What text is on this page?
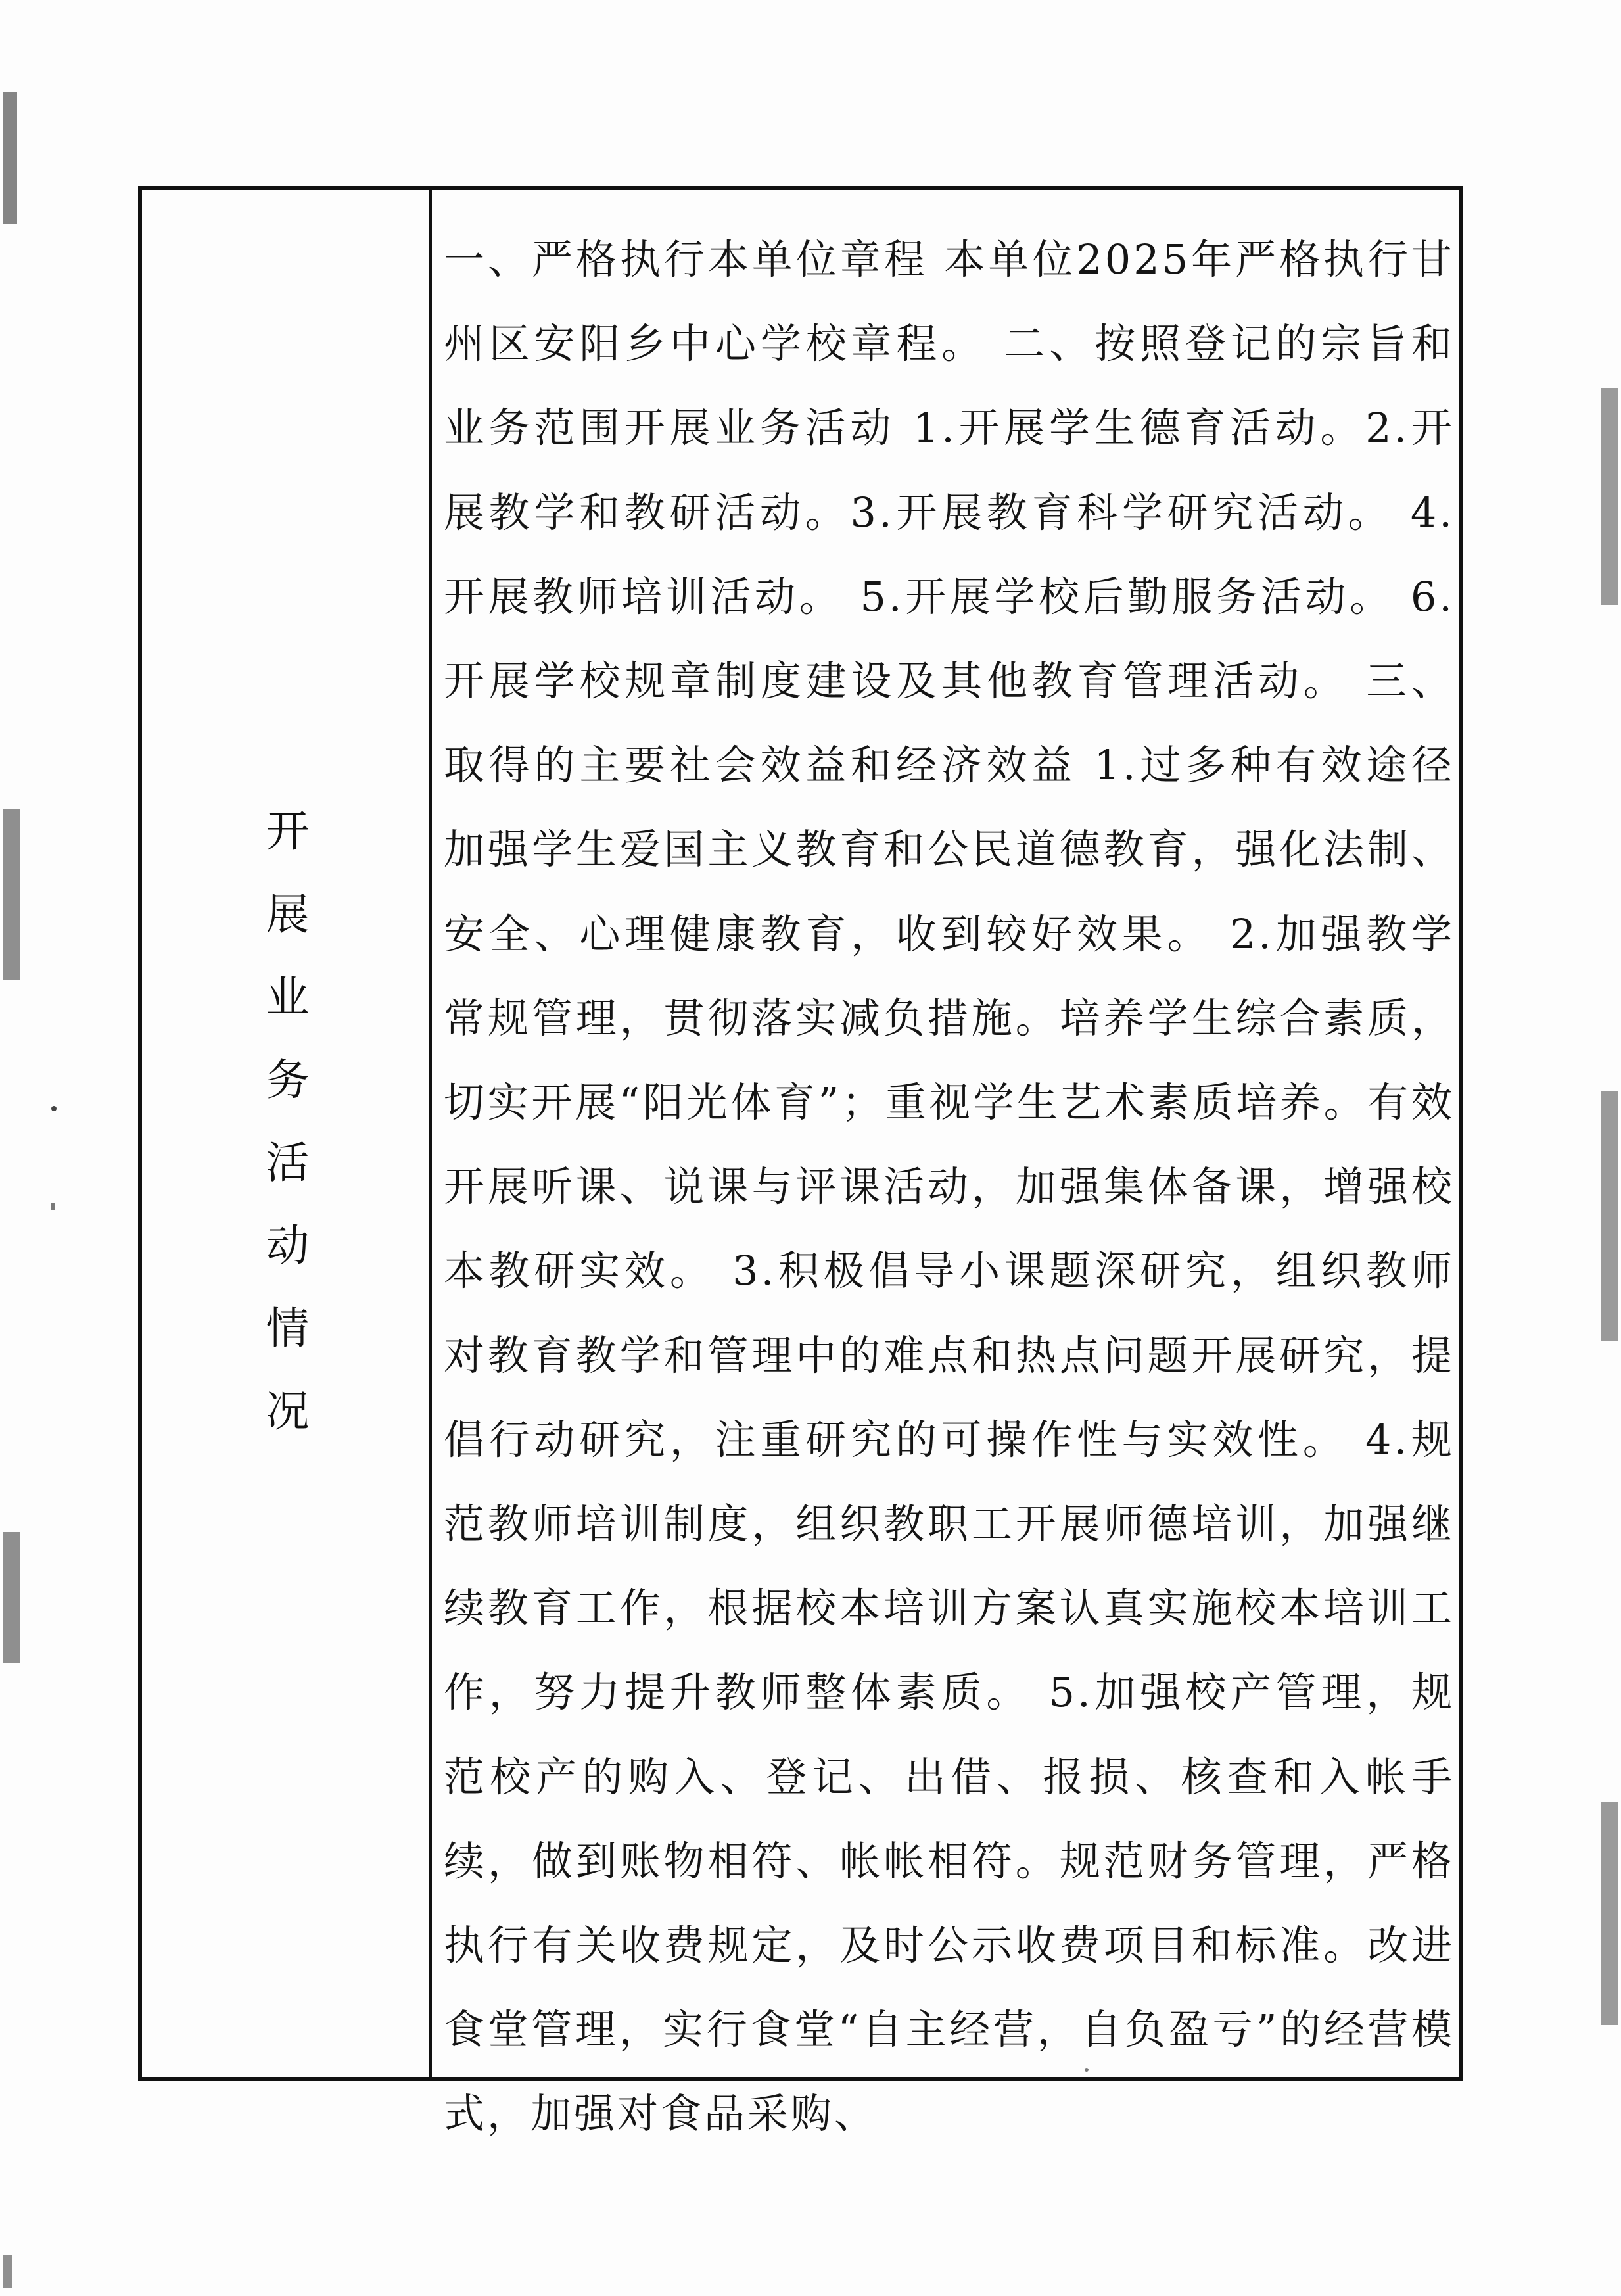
开展业务活动情况

一、严格执行本单位章程 本单位2025年严格执行甘州区安阳乡中心学校章程。 二、按照登记的宗旨和业务范围开展业务活动 1.开展学生德育活动。2.开展教学和教研活动。3.开展教育科学研究活动。 4.开展教师培训活动。 5.开展学校后勤服务活动。 6.开展学校规章制度建设及其他教育管理活动。 三、取得的主要社会效益和经济效益 1.过多种有效途径加强学生爱国主义教育和公民道德教育，强化法制、安全、心理健康教育，收到较好效果。 2.加强教学常规管理，贯彻落实减负措施。培养学生综合素质，切实开展“阳光体育”；重视学生艺术素质培养。有效开展听课、说课与评课活动，加强集体备课，增强校本教研实效。 3.积极倡导小课题深研究，组织教师对教育教学和管理中的难点和热点问题开展研究，提倡行动研究，注重研究的可操作性与实效性。 4.规范教师培训制度，组织教职工开展师德培训，加强继续教育工作，根据校本培训方案认真实施校本培训工作，努力提升教师整体素质。 5.加强校产管理，规范校产的购入、登记、出借、报损、核查和入帐手续，做到账物相符、帐帐相符。规范财务管理，严格执行有关收费规定，及时公示收费项目和标准。改进食堂管理，实行食堂“自主经营，自负盈亏”的经营模式，加强对食品采购、
